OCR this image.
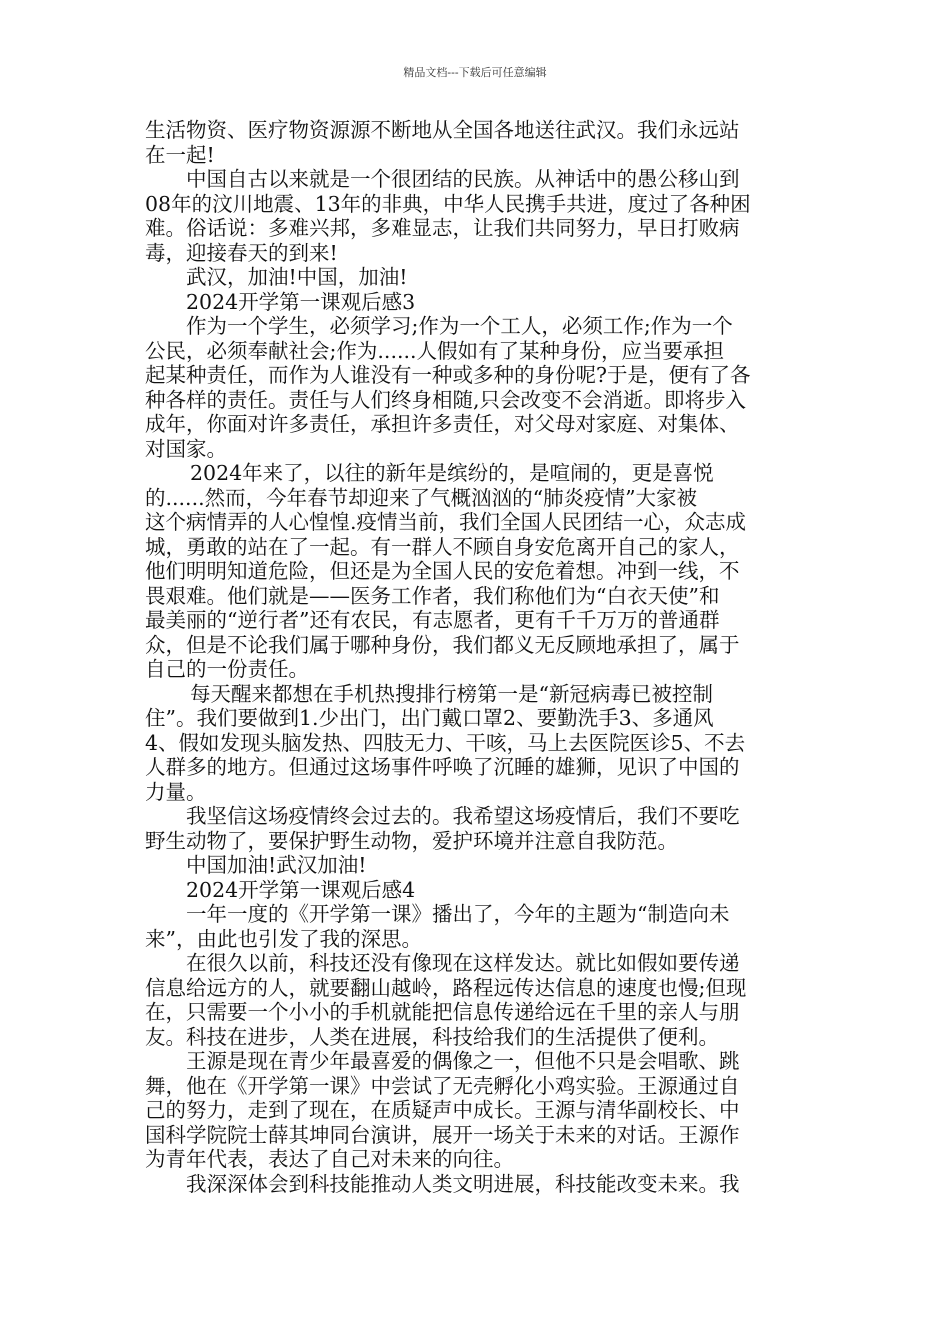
精品文档---下载后可任意编辑
生活物资、医疗物资源源不断地从全国各地送往武汉。我们永远站
在一起!
中国自古以来就是一个很团结的民族。从神话中的愚公移山到
08年的汶川地震、13年的非典，中华人民携手共进，度过了各种困
难。俗话说：多难兴邦，多难显志，让我们共同努力，早日打败病
毒，迎接春天的到来!
武汉，加油!中国，加油!
2024开学第一课观后感3
作为一个学生，必须学习;作为一个工人，必须工作;作为一个
公民，必须奉献社会;作为......人假如有了某种身份，应当要承担
起某种责任，而作为人谁没有一种或多种的身份呢?于是，便有了各
种各样的责任。责任与人们终身相随,只会改变不会消逝。即将步入
成年，你面对许多责任，承担许多责任，对父母对家庭、对集体、
对国家。
2024年来了，以往的新年是缤纷的，是喧闹的，更是喜悦
的......然而，今年春节却迎来了气概汹汹的“肺炎疫情”大家被
这个病情弄的人心惶惶.疫情当前，我们全国人民团结一心，众志成
城，勇敢的站在了一起。有一群人不顾自身安危离开自己的家人，
他们明明知道危险，但还是为全国人民的安危着想。冲到一线，不
畏艰难。他们就是——医务工作者，我们称他们为“白衣天使”和
最美丽的“逆行者”还有农民，有志愿者，更有千千万万的普通群
众，但是不论我们属于哪种身份，我们都义无反顾地承担了，属于
自己的一份责任。
每天醒来都想在手机热搜排行榜第一是“新冠病毒已被控制
住”。我们要做到1.少出门，出门戴口罩2、要勤洗手3、多通风
4、假如发现头脑发热、四肢无力、干咳，马上去医院医诊5、不去
人群多的地方。但通过这场事件呼唤了沉睡的雄狮，见识了中国的
力量。
我坚信这场疫情终会过去的。我希望这场疫情后，我们不要吃
野生动物了，要保护野生动物，爱护环境并注意自我防范。
中国加油!武汉加油!
2024开学第一课观后感4
一年一度的《开学第一课》播出了，今年的主题为“制造向未
来”，由此也引发了我的深思。
在很久以前，科技还没有像现在这样发达。就比如假如要传递
信息给远方的人，就要翻山越岭，路程远传达信息的速度也慢;但现
在，只需要一个小小的手机就能把信息传递给远在千里的亲人与朋
友。科技在进步，人类在进展，科技给我们的生活提供了便利。
王源是现在青少年最喜爱的偶像之一，但他不只是会唱歌、跳
舞，他在《开学第一课》中尝试了无壳孵化小鸡实验。王源通过自
己的努力，走到了现在，在质疑声中成长。王源与清华副校长、中
国科学院院士薛其坤同台演讲，展开一场关于未来的对话。王源作
为青年代表，表达了自己对未来的向往。
我深深体会到科技能推动人类文明进展，科技能改变未来。我
